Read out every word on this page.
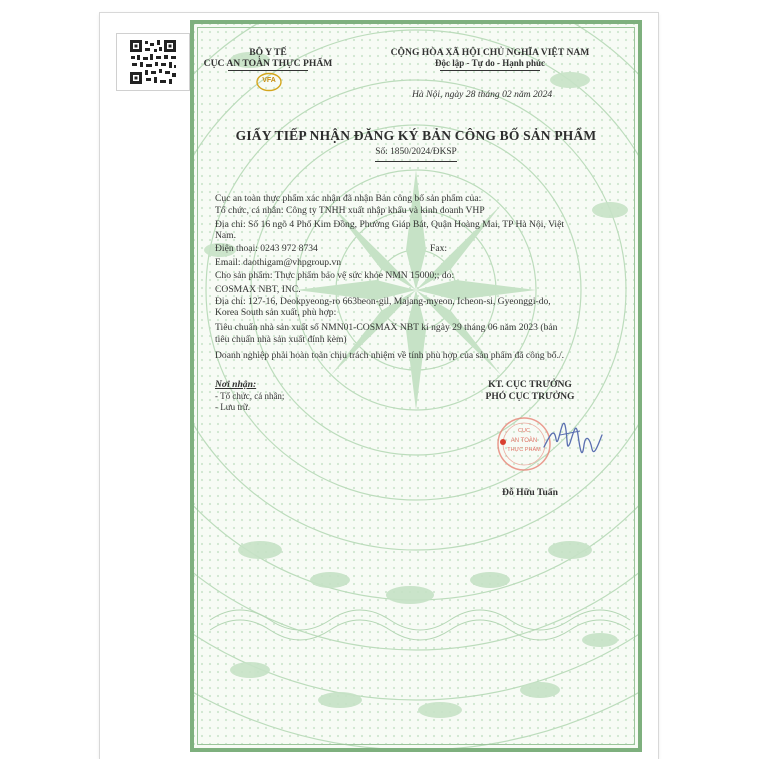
BỘ Y TẾ
CỤC AN TOÀN THỰC PHẨM
VFA
CỘNG HÒA XÃ HỘI CHỦ NGHĨA VIỆT NAM
Độc lập - Tự do - Hạnh phúc
Hà Nội, ngày 28 tháng 02 năm 2024
GIẤY TIẾP NHẬN ĐĂNG KÝ BẢN CÔNG BỐ SẢN PHẨM
Số: 1850/2024/ĐKSP
Cục an toàn thực phẩm xác nhận đã nhận Bản công bố sản phẩm của:
Tổ chức, cá nhân: Công ty TNHH xuất nhập khẩu và kinh doanh VHP
Địa chỉ: Số 16 ngõ 4 Phố Kim Đồng, Phường Giáp Bát, Quận Hoàng Mai, TP Hà Nội, Việt
Nam.
Điện thoại: 0243 972 8734	Fax:
Email: daothigam@vhpgroup.vn
Cho sản phẩm: Thực phẩm bảo vệ sức khỏe NMN 15000;; do:
COSMAX NBT, INC.
Địa chỉ: 127-16, Deokpyeong-ro 663beon-gil, Majang-myeon, Icheon-si, Gyeonggi-do,
Korea South sản xuất, phù hợp:
Tiêu chuẩn nhà sản xuất số NMN01-COSMAX NBT kí ngày 29 tháng 06 năm 2023 (bản
tiêu chuẩn nhà sản xuất đính kèm)
Doanh nghiệp phải hoàn toàn chịu trách nhiệm về tính phù hợp của sản phẩm đã công bố./.
Nơi nhận:
- Tổ chức, cá nhân;
- Lưu trữ.
KT. CỤC TRƯỞNG
PHÓ CỤC TRƯỞNG
CỤC
AN TOÀN
THỰC PHẨM
Đỗ Hữu Tuấn
